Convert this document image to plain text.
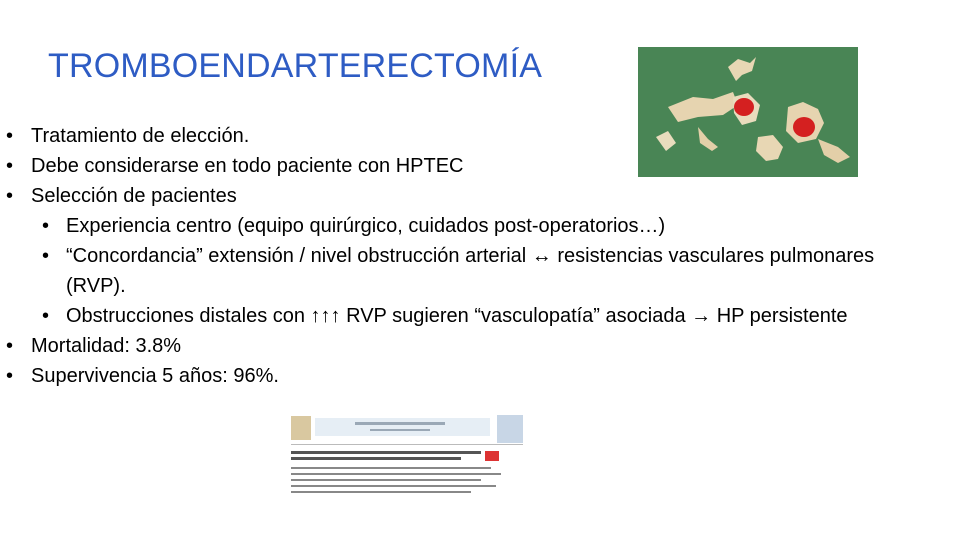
TROMBOENDARTERECTOMÍA
• Tratamiento de elección.
• Debe considerarse en todo paciente con HPTEC
• Selección de pacientes
• Experiencia centro (equipo quirúrgico, cuidados post-operatorios…)
• “Concordancia” extensión / nivel obstrucción arterial ↔ resistencias vasculares pulmonares (RVP).
• Obstrucciones distales con ↑↑↑ RVP sugieren “vasculopatía” asociada → HP persistente
• Mortalidad: 3.8%
• Supervivencia 5 años: 96%.
